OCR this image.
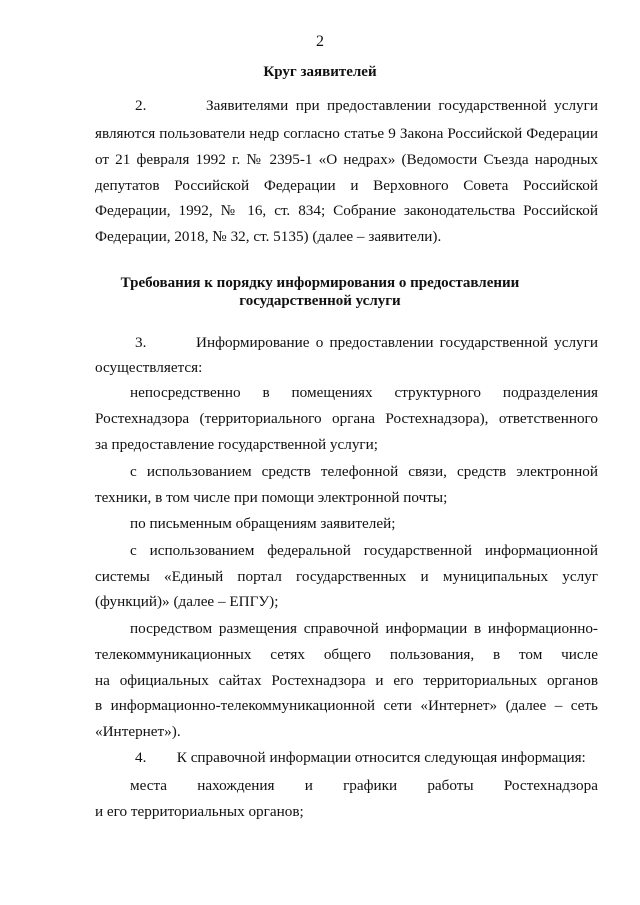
2
Круг заявителей
2.        Заявителями при предоставлении государственной услуги
являются пользователи недр согласно статье 9 Закона Российской Федерации
от 21 февраля 1992 г. № 2395-1 «О недрах» (Ведомости Съезда народных
депутатов Российской Федерации и Верховного Совета Российской
Федерации, 1992, № 16, ст. 834; Собрание законодательства Российской
Федерации, 2018, № 32, ст. 5135) (далее – заявители).
Требования к порядку информирования о предоставлении
государственной услуги
3.        Информирование о предоставлении государственной услуги
осуществляется:
непосредственно в помещениях структурного подразделения
Ростехнадзора (территориального органа Ростехнадзора), ответственного
за предоставление государственной услуги;
с использованием средств телефонной связи, средств электронной
техники, в том числе при помощи электронной почты;
по письменным обращениям заявителей;
с использованием федеральной государственной информационной
системы «Единый портал государственных и муниципальных услуг
(функций)» (далее – ЕПГУ);
посредством размещения справочной информации в информационно-
телекоммуникационных сетях общего пользования, в том числе
на официальных сайтах Ростехнадзора и его территориальных органов
в информационно-телекоммуникационной сети «Интернет» (далее – сеть
«Интернет»).
4.        К справочной информации относится следующая информация:
места нахождения и графики работы Ростехнадзора
и его территориальных органов;
